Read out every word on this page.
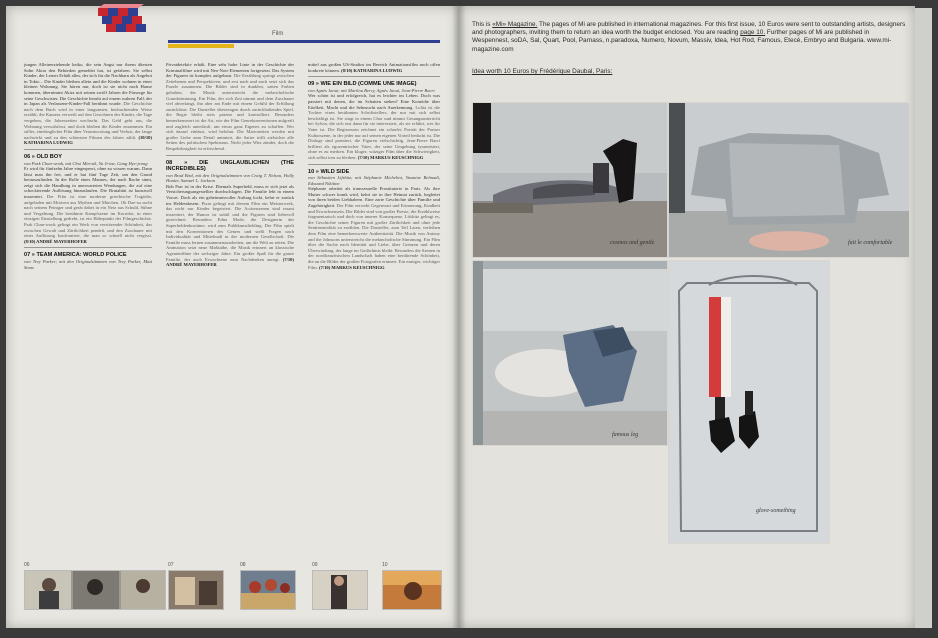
Film
jungen Alleinerziehende keiko, die sein Angst nur ihrem ältesten Sohn Akira den Behörden gemeldet hat, ist gefahren. Sie selbst Kinder, der Lerner Erhält alles, der sich für die Nachbarn als Angebot in Tokio... Die Kinder bleiben allein und die Kinder wohnen in einer kleinen Wohnung. Sie hören nur, doch ist sie nicht nach Hause kommen, übernimmt Akira mit seinen zwölf Jahren die Fürsorge für seine Geschwister. Die Geschichte beruht auf einem wahren Fall, der in Japan als Verlassene-Kinder-Fall berühmt wurde. Die Geschichte nach dem Buch wird in einer langsamen, beobachtenden Weise erzählt; die Kamera verweilt auf den Gesichtern der Kinder, die Tage vergehen, die Jahreszeiten wechseln. Das Geld geht aus, die Wohnung verwahrlost, und doch bleiben die Kinder zusammen. Ein stiller, eindringlicher Film über Verantwortung und Verlust, der lange nachwirkt und zu den schönsten Filmen des Jahres zählt. (10/10) KATHARINA LUDWIG
06 » OLD BOY
von Park Chan-wook, mit Choi Min-sik, Yu Ji-tae, Gang Hye-jeong
Er wird für fünfzehn Jahre eingesperrt, ohne zu wissen warum. Dann lässt man ihn frei, und er hat fünf Tage Zeit, um den Grund herauszufinden. In der Rolle eines Mannes, der nach Rache sinnt, zeigt sich die Handlung in unerwarteten Wendungen, die auf eine schockierende Auflösung hinauslaufen. Die Brutalität ist kunstvoll inszeniert. Der Film ist eine moderne griechische Tragödie, aufgeladen mit Motiven aus Mythen und Märchen. Oh Dae-su sucht nach seinem Peiniger und gerät dabei in ein Netz aus Schuld, Sühne und Vergeltung. Die berühmte Kampfszene im Korridor, in einer einzigen Einstellung gedreht, ist ein Höhepunkt der Filmgeschichte. Park Chan-wook gelingt ein Werk von verstörender Schönheit, das zwischen Gewalt und Zärtlichkeit pendelt, und den Zuschauer mit einer Auflösung konfrontiert, die man so schnell nicht vergisst. (8/10) ANDRÉ MAYERHOFER
07 » TEAM AMERICA: WORLD POLICE
von Trey Parker; mit den Originalstimmen von Trey Parker, Matt Stone
Privatdetektiv erhält. Eine sehr hohe Linie in der Geschichte der Kriminalfilme wird mit Neo-Noir-Elementen fortgesetzt. Das System der Figuren ist komplex aufgebaut. Die Erzählung springt zwischen Zeitebenen und Perspektiven, und erst nach und nach setzt sich das Puzzle zusammen. Die Bilder sind in dunklen, satten Farben gehalten, die Musik unterstreicht die melancholische Grundstimmung. Ein Film, der sich Zeit nimmt und dem Zuschauer viel abverlangt, ihn aber am Ende mit einem Gefühl der Erfüllung zurücklässt. Die Darsteller überzeugen durch zurückhaltendes Spiel, die Regie bleibt stets präzise und kontrolliert. Besonders bemerkenswert ist die Art, wie der Film Genrekonventionen aufgreift und zugleich unterläuft, um etwas ganz Eigenes zu schaffen. Wer sich darauf einlässt, wird belohnt. Die Marionetten werden mit großer Liebe zum Detail animiert, die Satire trifft zielsicher alle Seiten des politischen Spektrums. Nicht jeder Witz zündet, doch die Respektlosigkeit ist erfrischend.
08 » DIE UNGLAUBLICHEN (THE INCREDIBLES)
von Brad Bird, mit den Originalstimmen von Craig T. Nelson, Holly Hunter, Samuel L. Jackson
Bob Parr ist in der Krise. Ehemals Superheld, muss er sich jetzt als Versicherungsangestellter durchschlagen. Die Familie lebt in einem Vorort. Doch als ein geheimnisvoller Auftrag lockt, kehrt er zurück ins Heldendasein. Pixar gelingt mit diesem Film ein Meisterwerk, das nicht nur Kinder begeistert. Die Actionszenen sind rasant inszeniert, der Humor ist subtil und die Figuren sind liebevoll gezeichnet. Besonders Edna Mode, die Designerin der Superheldenkostüme, wird zum Publikumsliebling. Der Film spielt mit den Konventionen des Genres und stellt Fragen nach Individualität und Mittelmaß in der modernen Gesellschaft. Die Familie muss lernen zusammenzuarbeiten, um die Welt zu retten. Die Animation setzt neue Maßstäbe, die Musik erinnert an klassische Agentenfilme der sechziger Jahre. Ein großer Spaß für die ganze Familie, der auch Erwachsene zum Nachdenken anregt. (7/10) ANDRÉ MAYERHOFER
mittel aus großen US-Studios im Bereich Animationsfilm noch offen konkrete können. (8/10) KATHARINA LUDWIG
09 » WIE EIN BILD (COMME UNE IMAGE)
von Agnès Jaoui; mit Marilou Berry, Agnès Jaoui, Jean-Pierre Bacri
Wer schön ist und erfolgreich, hat es leichter im Leben. Doch was passiert mit denen, die im Schatten stehen? Eine Komödie über Eitelkeit, Macht und die Sehnsucht nach Anerkennung. Lolita ist die Tochter eines berühmten Schriftstellers, der nur mit sich selbst beschäftigt ist. Sie singt in einem Chor und nimmt Gesangsunterricht bei Sylvia, die sich erst dann für sie interessiert, als sie erfährt, wer ihr Vater ist. Die Regisseurin zeichnet ein scharfes Porträt der Pariser Kulturszene, in der jeder nur auf seinen eigenen Vorteil bedacht ist. Die Dialoge sind pointiert, die Figuren vielschichtig. Jean-Pierre Bacri brilliert als egozentrischer Vater, der seine Umgebung tyrannisiert, ohne es zu merken. Ein kluger, witziger Film über die Schwierigkeit, sich selbst treu zu bleiben. (7/10) MARKUS KEUSCHNIGG
10 » WILD SIDE
von Sébastien Lifshitz; mit Stéphanie Michelini, Yasmine Belmadi, Edouard Nikitine
Stéphanie arbeitet als transsexuelle Prostituierte in Paris. Als ihre Mutter schwer krank wird, kehrt sie in ihre Heimat zurück, begleitet von ihren beiden Liebhabern. Eine zarte Geschichte über Familie und Zugehörigkeit. Der Film verwebt Gegenwart und Erinnerung, Kindheit und Erwachsensein. Die Bilder sind von großer Poesie, die Erzählweise fragmentarisch und doch von innerer Konsequenz. Lifshitz gelingt es, die Geschichte seiner Figuren mit großer Zärtlichkeit und ohne jede Sentimentalität zu erzählen. Die Darsteller, zum Teil Laien, verleihen dem Film eine bemerkenswerte Authentizität. Die Musik von Antony and the Johnsons unterstreicht die melancholische Stimmung. Ein Film über die Suche nach Identität und Liebe, über Grenzen und deren Überwindung, der lange im Gedächtnis bleibt. Besonders die Szenen in der nordfranzösischen Landschaft haben eine berührende Schönheit, die an die Bilder der großen Fotografen erinnert. Ein mutiger, wichtiger Film. (7/10) MARKUS KEUSCHNIGG
06	07	08	09	10
This is «Mi» Magazine. The pages of Mi are published in international magazines. For this first issue, 10 Euros were sent to outstanding artists, designers and photographers, inviting them to return an idea worth the budget enclosed. You are reading page 10. Further pages of Mi are published in Wespennest, soDA, Sal, Quart, Pool, Parnass, n.paradoxa, Numero, Novum, Massiv, Idea, Hot Rod, Famous, Etecé, Embryo and Bulgaria. www.mi-magazine.com
Idea worth 10 Euros by Frédérique Daubal, Paris:
cosmos and gentle	fait le comfortable
famous leg
glove-something
